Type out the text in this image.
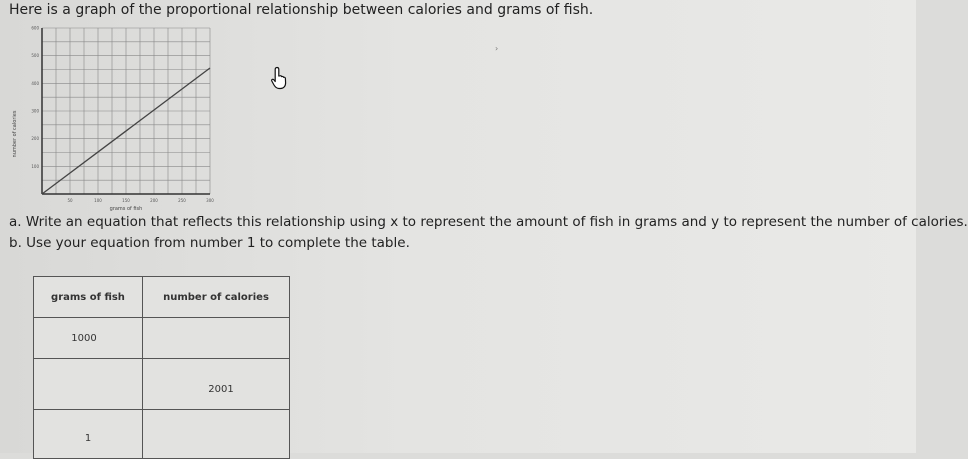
Here is a graph of the proportional relationship between calories and grams of fish.
50	100	150	200	250	300
100
200
300
400
500
600
grams of fish
number of calories
›
a. Write an equation that reflects this relationship using x to represent the amount of fish in grams and y to represent the number of calories.
b. Use your equation from number 1 to complete the table.
grams of fish	number of calories
1000	
	2001
1	
